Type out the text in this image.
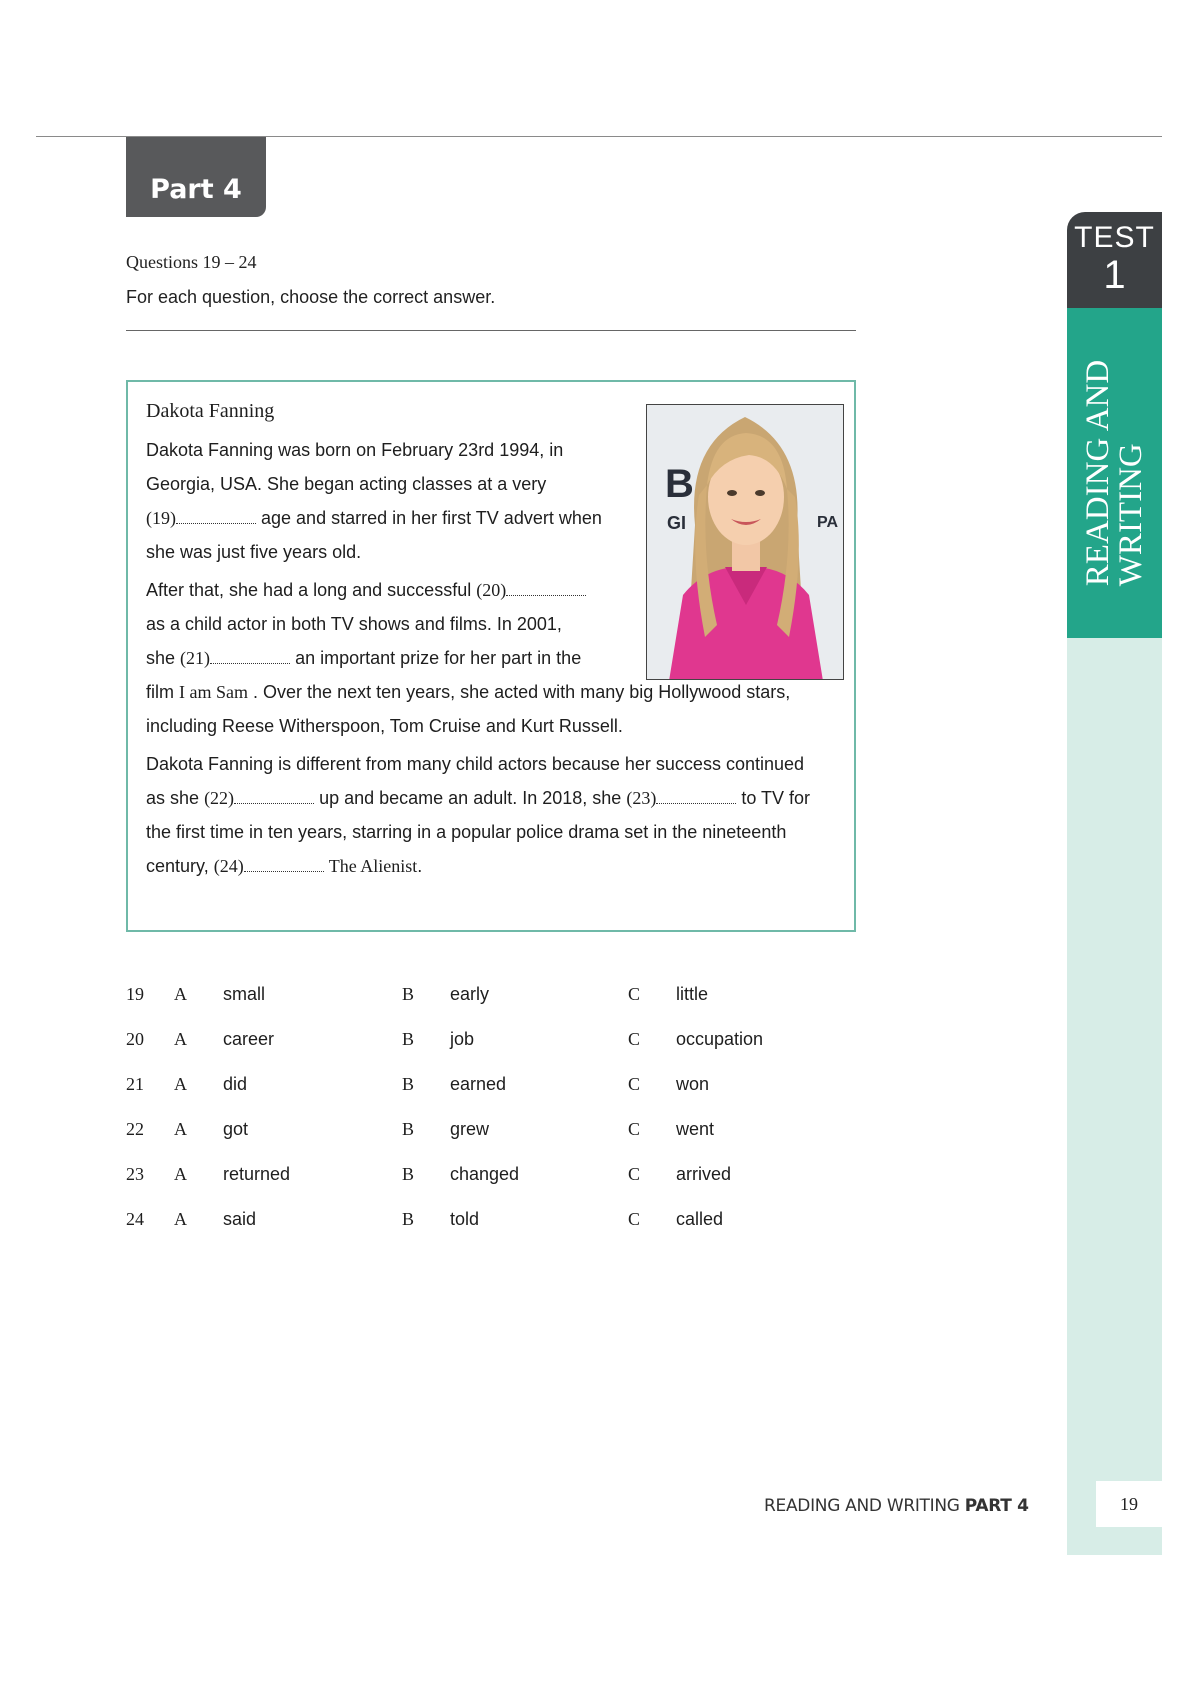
Part 4
TEST
1
READING AND
WRITING
19
Questions 19 – 24
For each question, choose the correct answer.
Dakota Fanning
B
GI	PA
Dakota Fanning was born on February 23rd 1994, in
Georgia, USA. She began acting classes at a very
(19)	age and starred in her first TV advert when
she was just five years old.
After that, she had a long and successful (20)
as a child actor in both TV shows and films. In 2001,
she (21)	an important prize for her part in the
film I am Sam . Over the next ten years, she acted with many big Hollywood stars,
including Reese Witherspoon, Tom Cruise and Kurt Russell.
Dakota Fanning is different from many child actors because her success continued
as she (22)	up and became an adult. In 2018, she (23)	to TV for
the first time in ten years, starring in a popular police drama set in the nineteenth
century, (24)	The Alienist.
19 A small	B early	C little
20 A career	B job	C occupation
21 A did	B earned	C won
22 A got	B grew	C went
23 A returned	B changed	C arrived
24 A said	B told	C called
READING AND WRITING PART 4
